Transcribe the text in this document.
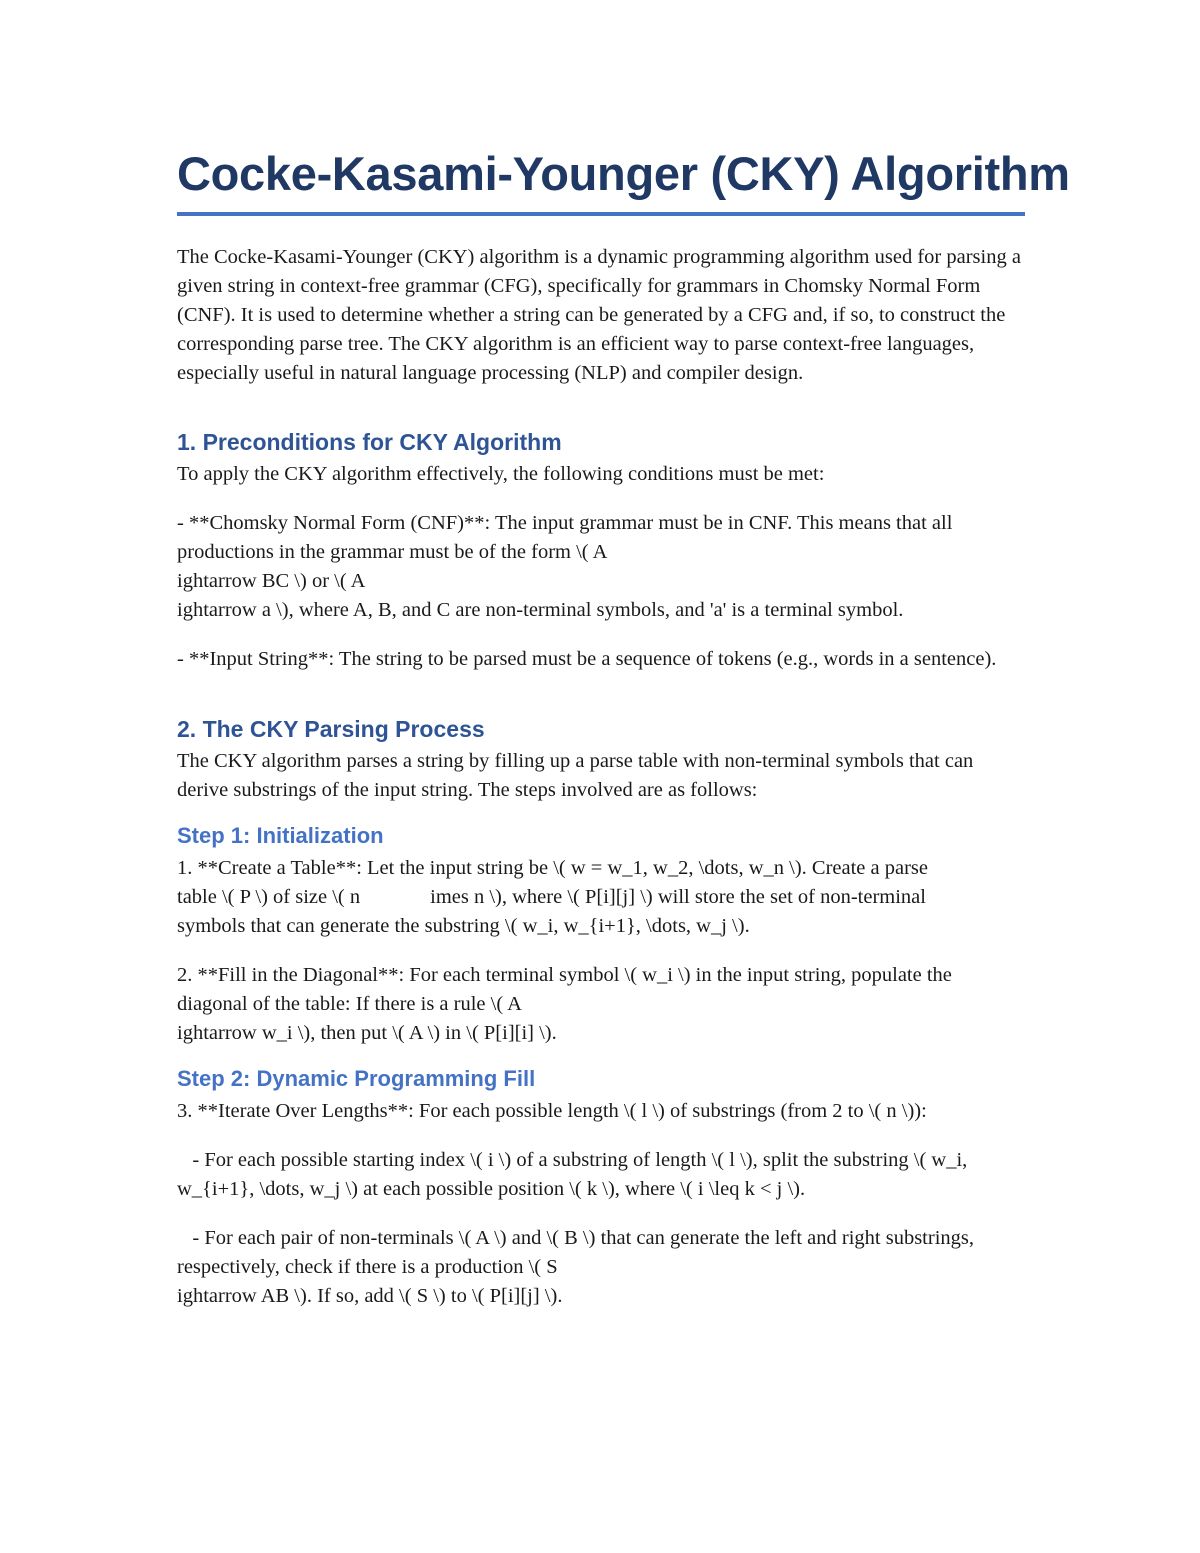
Cocke-Kasami-Younger (CKY) Algorithm

The Cocke-Kasami-Younger (CKY) algorithm is a dynamic programming algorithm used for parsing a given string in context-free grammar (CFG), specifically for grammars in Chomsky Normal Form (CNF). It is used to determine whether a string can be generated by a CFG and, if so, to construct the corresponding parse tree. The CKY algorithm is an efficient way to parse context-free languages, especially useful in natural language processing (NLP) and compiler design.

1. Preconditions for CKY Algorithm

To apply the CKY algorithm effectively, the following conditions must be met:

- **Chomsky Normal Form (CNF)**: The input grammar must be in CNF. This means that all productions in the grammar must be of the form \( A

ightarrow BC \) or \( A

ightarrow a \), where A, B, and C are non-terminal symbols, and 'a' is a terminal symbol.

- **Input String**: The string to be parsed must be a sequence of tokens (e.g., words in a sentence).

2. The CKY Parsing Process

The CKY algorithm parses a string by filling up a parse table with non-terminal symbols that can derive substrings of the input string. The steps involved are as follows:

Step 1: Initialization

1. **Create a Table**: Let the input string be \( w = w_1, w_2, \dots, w_n \). Create a parse

table \( P \) of size \( n	imes n \), where \( P[i][j] \) will store the set of non-terminal

symbols that can generate the substring \( w_i, w_{i+1}, \dots, w_j \).

2. **Fill in the Diagonal**: For each terminal symbol \( w_i \) in the input string, populate the diagonal of the table: If there is a rule \( A

ightarrow w_i \), then put \( A \) in \( P[i][i] \).

Step 2: Dynamic Programming Fill

3. **Iterate Over Lengths**: For each possible length \( l \) of substrings (from 2 to \( n \)):

- For each possible starting index \( i \) of a substring of length \( l \), split the substring \( w_i, w_{i+1}, \dots, w_j \) at each possible position \( k \), where \( i \leq k < j \).

- For each pair of non-terminals \( A \) and \( B \) that can generate the left and right substrings, respectively, check if there is a production \( S

ightarrow AB \). If so, add \( S \) to \( P[i][j] \).
